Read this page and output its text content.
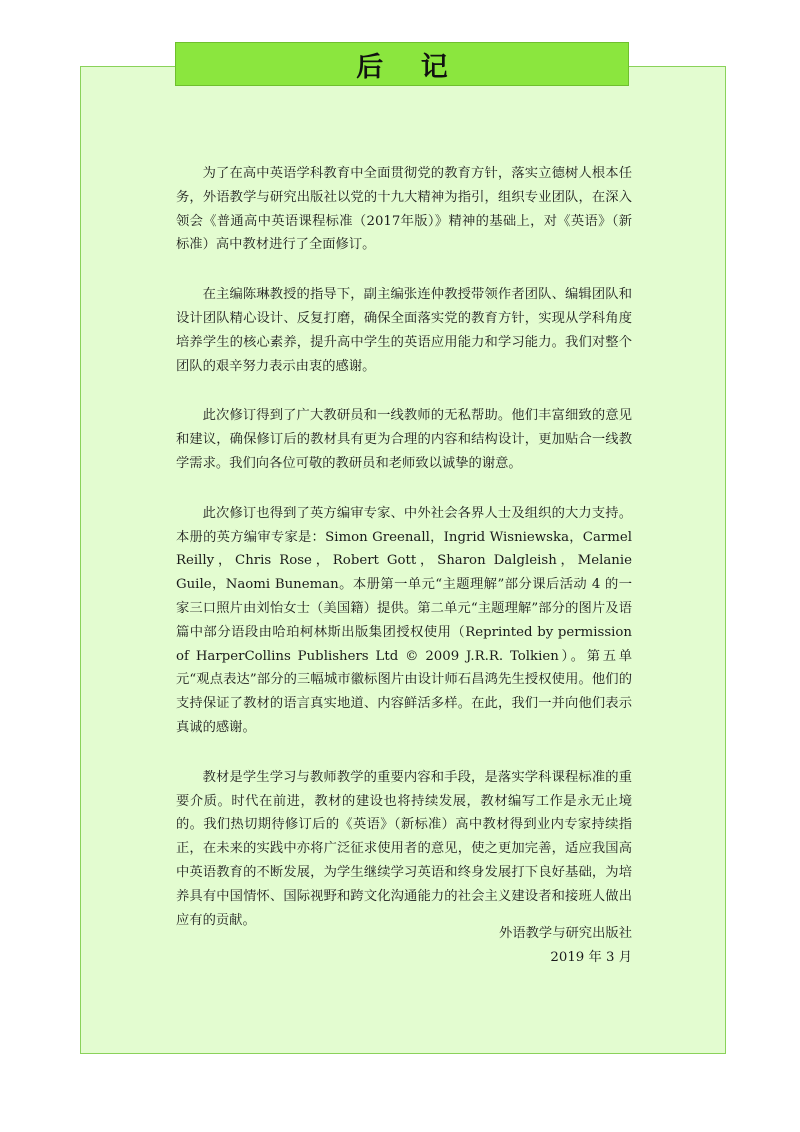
后 记

为了在高中英语学科教育中全面贯彻党的教育方针，落实立德树人根本任务，外语教学与研究出版社以党的十九大精神为指引，组织专业团队，在深入领会《普通高中英语课程标准（2017年版）》精神的基础上，对《英语》（新标准）高中教材进行了全面修订。

在主编陈琳教授的指导下，副主编张连仲教授带领作者团队、编辑团队和设计团队精心设计、反复打磨，确保全面落实党的教育方针，实现从学科角度培养学生的核心素养，提升高中学生的英语应用能力和学习能力。我们对整个团队的艰辛努力表示由衷的感谢。

此次修订得到了广大教研员和一线教师的无私帮助。他们丰富细致的意见和建议，确保修订后的教材具有更为合理的内容和结构设计，更加贴合一线教学需求。我们向各位可敬的教研员和老师致以诚挚的谢意。

此次修订也得到了英方编审专家、中外社会各界人士及组织的大力支持。本册的英方编审专家是：Simon Greenall，Ingrid Wisniewska，Carmel Reilly，Chris Rose，Robert Gott，Sharon Dalgleish，Melanie Guile，Naomi Buneman。本册第一单元“主题理解”部分课后活动 4 的一家三口照片由刘怡女士（美国籍）提供。第二单元“主题理解”部分的图片及语篇中部分语段由哈珀柯林斯出版集团授权使用（Reprinted by permission of HarperCollins Publishers Ltd © 2009 J.R.R. Tolkien）。第五单元“观点表达”部分的三幅城市徽标图片由设计师石昌鸿先生授权使用。他们的支持保证了教材的语言真实地道、内容鲜活多样。在此，我们一并向他们表示真诚的感谢。

教材是学生学习与教师教学的重要内容和手段，是落实学科课程标准的重要介质。时代在前进，教材的建设也将持续发展，教材编写工作是永无止境的。我们热切期待修订后的《英语》（新标准）高中教材得到业内专家持续指正，在未来的实践中亦将广泛征求使用者的意见，使之更加完善，适应我国高中英语教育的不断发展，为学生继续学习英语和终身发展打下良好基础，为培养具有中国情怀、国际视野和跨文化沟通能力的社会主义建设者和接班人做出应有的贡献。

外语教学与研究出版社
2019 年 3 月
